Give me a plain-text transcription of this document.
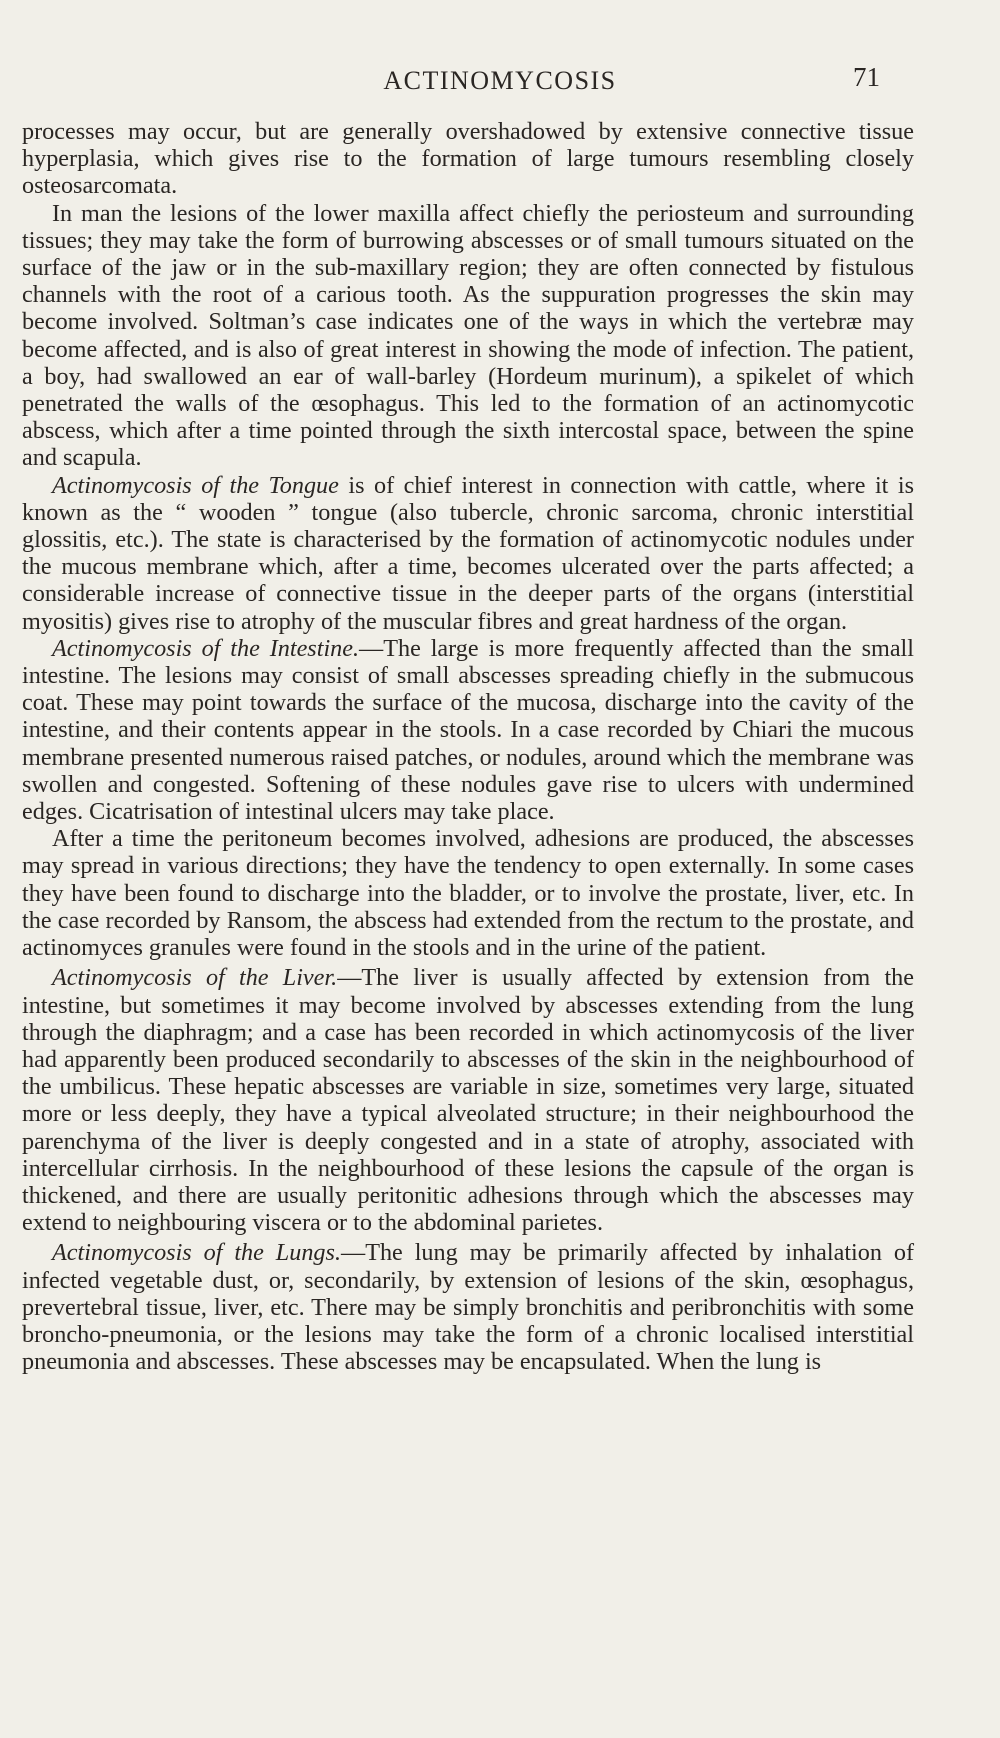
ACTINOMYCOSIS	71

processes may occur, but are generally overshadowed by extensive connective tissue hyperplasia, which gives rise to the formation of large tumours resembling closely osteosarcomata.

In man the lesions of the lower maxilla affect chiefly the periosteum and surrounding tissues; they may take the form of burrowing abscesses or of small tumours situated on the surface of the jaw or in the sub-maxillary region; they are often connected by fistulous channels with the root of a carious tooth. As the suppuration progresses the skin may become involved. Soltman’s case indicates one of the ways in which the vertebræ may become affected, and is also of great interest in showing the mode of infection. The patient, a boy, had swallowed an ear of wall-barley (Hordeum murinum), a spikelet of which penetrated the walls of the œsophagus. This led to the formation of an actinomycotic abscess, which after a time pointed through the sixth intercostal space, between the spine and scapula.

Actinomycosis of the Tongue is of chief interest in connection with cattle, where it is known as the “ wooden ” tongue (also tubercle, chronic sarcoma, chronic interstitial glossitis, etc.). The state is characterised by the formation of actinomycotic nodules under the mucous membrane which, after a time, becomes ulcerated over the parts affected; a considerable increase of connective tissue in the deeper parts of the organs (interstitial myositis) gives rise to atrophy of the muscular fibres and great hardness of the organ.

Actinomycosis of the Intestine.—The large is more frequently affected than the small intestine. The lesions may consist of small abscesses spreading chiefly in the submucous coat. These may point towards the surface of the mucosa, discharge into the cavity of the intestine, and their contents appear in the stools. In a case recorded by Chiari the mucous membrane presented numerous raised patches, or nodules, around which the membrane was swollen and congested. Softening of these nodules gave rise to ulcers with undermined edges. Cicatrisation of intestinal ulcers may take place.

After a time the peritoneum becomes involved, adhesions are produced, the abscesses may spread in various directions; they have the tendency to open externally. In some cases they have been found to discharge into the bladder, or to involve the prostate, liver, etc. In the case recorded by Ransom, the abscess had extended from the rectum to the prostate, and actinomyces granules were found in the stools and in the urine of the patient.

Actinomycosis of the Liver.—The liver is usually affected by extension from the intestine, but sometimes it may become involved by abscesses extending from the lung through the diaphragm; and a case has been recorded in which actinomycosis of the liver had apparently been produced secondarily to abscesses of the skin in the neighbourhood of the umbilicus. These hepatic abscesses are variable in size, sometimes very large, situated more or less deeply, they have a typical alveolated structure; in their neighbourhood the parenchyma of the liver is deeply congested and in a state of atrophy, associated with intercellular cirrhosis. In the neighbourhood of these lesions the capsule of the organ is thickened, and there are usually peritonitic adhesions through which the abscesses may extend to neighbouring viscera or to the abdominal parietes.

Actinomycosis of the Lungs.—The lung may be primarily affected by inhalation of infected vegetable dust, or, secondarily, by extension of lesions of the skin, œsophagus, prevertebral tissue, liver, etc. There may be simply bronchitis and peribronchitis with some broncho-pneumonia, or the lesions may take the form of a chronic localised interstitial pneumonia and abscesses. These abscesses may be encapsulated. When the lung is
